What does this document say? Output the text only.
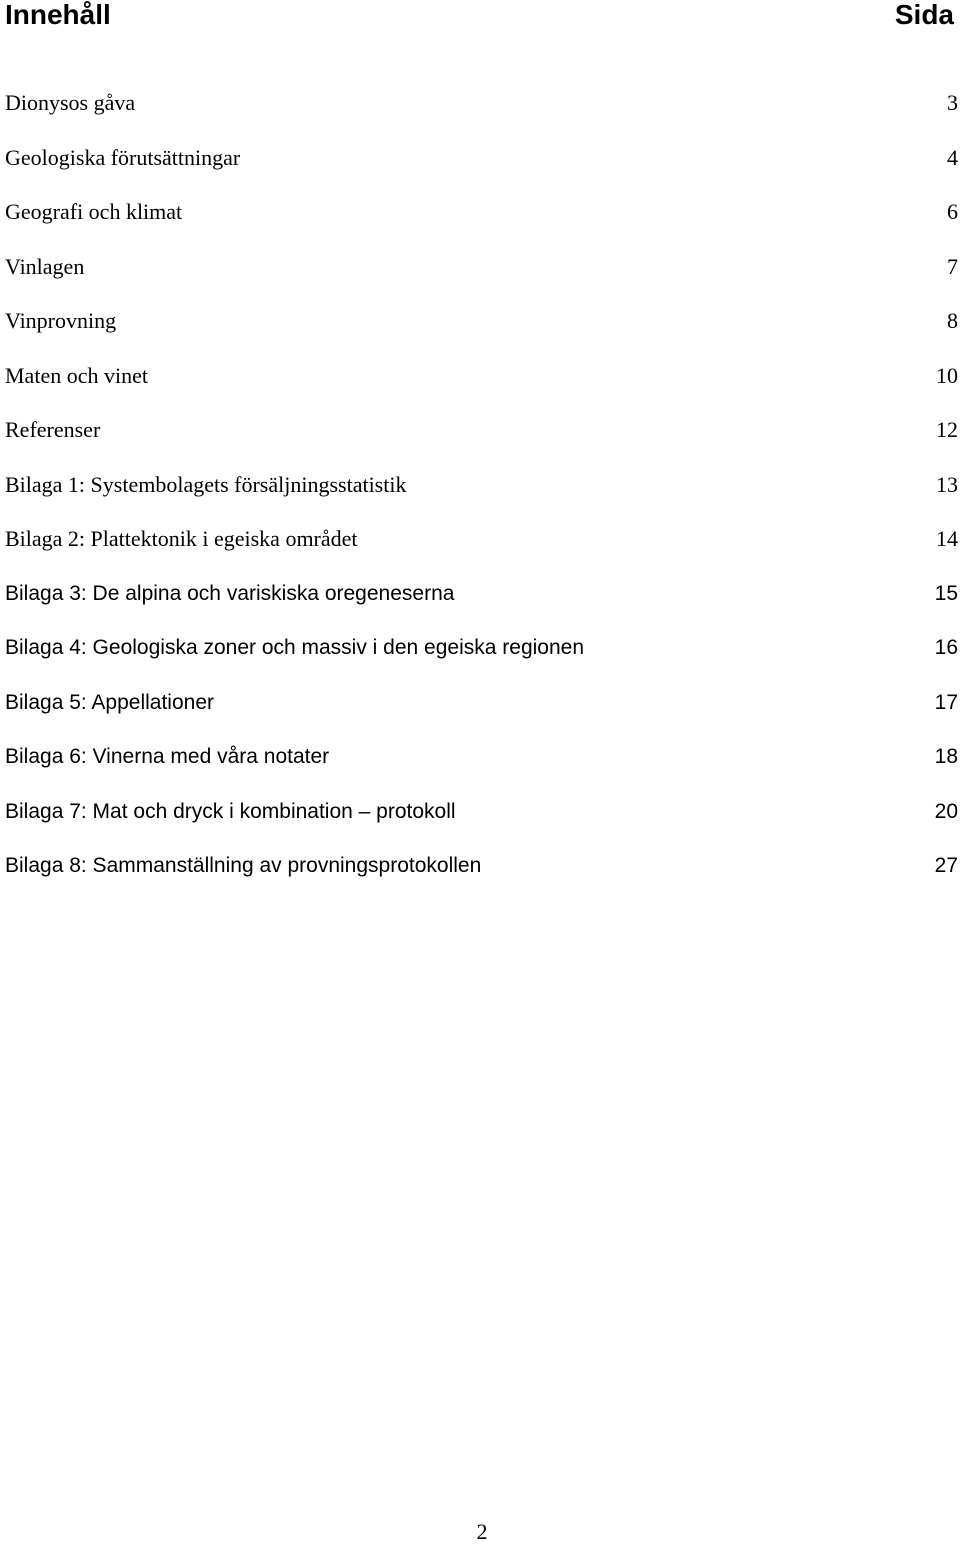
Innehåll	Sida
Dionysos gåva	3
Geologiska förutsättningar	4
Geografi och klimat	6
Vinlagen	7
Vinprovning	8
Maten och vinet	10
Referenser	12
Bilaga 1: Systembolagets försäljningsstatistik	13
Bilaga 2: Plattektonik i egeiska området	14
Bilaga 3: De alpina och variskiska oregeneserna	15
Bilaga 4: Geologiska zoner och massiv i den egeiska regionen	16
Bilaga 5: Appellationer	17
Bilaga 6: Vinerna med våra notater	18
Bilaga 7: Mat och dryck i kombination – protokoll	20
Bilaga 8: Sammanställning av provningsprotokollen	27
2
